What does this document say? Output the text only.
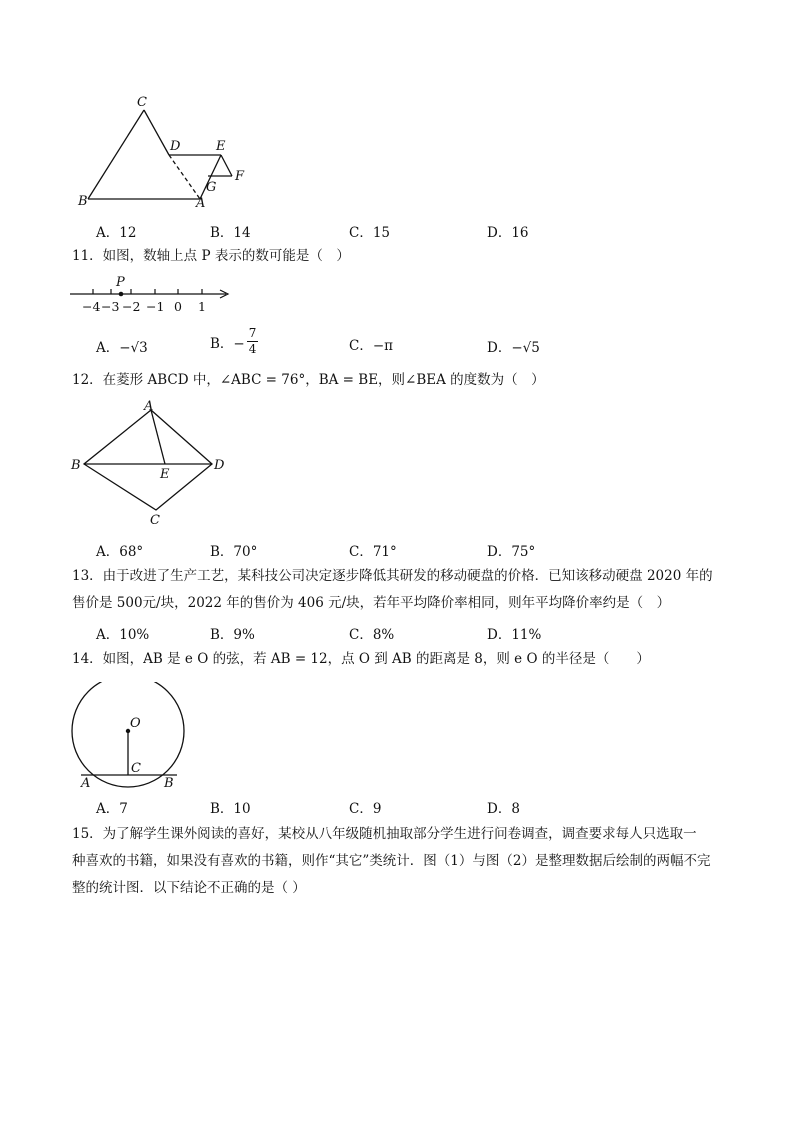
C
D	E
F
G
B	A
A．12	B．14	C．15	D．16
11．如图，数轴上点 P 表示的数可能是（　）
P
−4 −3 −2 −1 0 1
A．−√3	B．− $\frac{7}{4}$	C．−π	D．−√5
12．在菱形 ABCD 中，∠ABC = 76°，BA = BE，则∠BEA 的度数为（　）
A
B
E
D
C
A．68°	B．70°	C．71°	D．75°
13．由于改进了生产工艺，某科技公司决定逐步降低其研发的移动硬盘的价格．已知该移动硬盘 2020 年的
售价是 500元/块，2022 年的售价为 406 元/块，若年平均降价率相同，则年平均降价率约是（　）
A．10%	B．9%	C．8%	D．11%
14．如图，AB 是 e O 的弦，若 AB = 12，点 O 到 AB 的距离是 8，则 e O 的半径是（　　）
O
C
A	B
A．7	B．10	C．9	D．8
15．为了解学生课外阅读的喜好，某校从八年级随机抽取部分学生进行问卷调查，调查要求每人只选取一
种喜欢的书籍，如果没有喜欢的书籍，则作“其它”类统计．图（1）与图（2）是整理数据后绘制的两幅不完
整的统计图．以下结论不正确的是（ ）
